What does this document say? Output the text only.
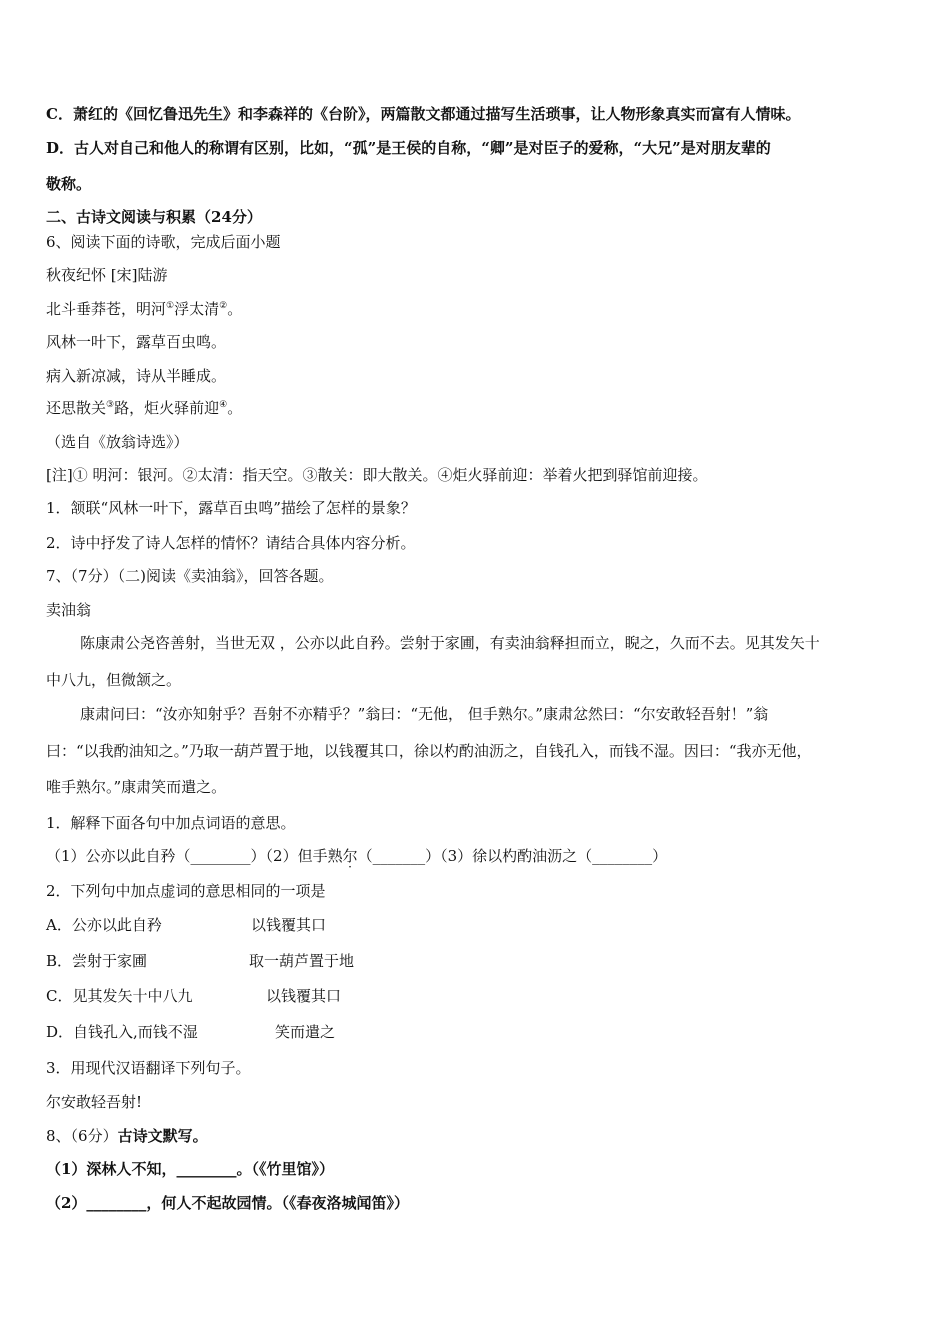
C．萧红的《回忆鲁迅先生》和李森祥的《台阶》，两篇散文都通过描写生活琐事，让人物形象真实而富有人情味。
D．古人对自己和他人的称谓有区别，比如，“孤”是王侯的自称，“卿”是对臣子的爱称，“大兄”是对朋友辈的
敬称。
二、古诗文阅读与积累（24分）
6、阅读下面的诗歌，完成后面小题
秋夜纪怀 [宋]陆游
北斗垂莽苍，明河①浮太清②。
风林一叶下，露草百虫鸣。
病入新凉减，诗从半睡成。
还思散关③路，炬火驿前迎④。
（选自《放翁诗选》）
[注]① 明河：银河。②太清：指天空。③散关：即大散关。④炬火驿前迎：举着火把到驿馆前迎接。
1．颔联“风林一叶下，露草百虫鸣”描绘了怎样的景象？
2．诗中抒发了诗人怎样的情怀？请结合具体内容分析。
7、（7分）（二)阅读《卖油翁》，回答各题。
卖油翁
陈康肃公尧咨善射，当世无双 ，公亦以此自矜。尝射于家圃，有卖油翁释担而立，睨之，久而不去。见其发矢十
中八九，但微颔之。
康肃问曰：“汝亦知射乎？吾射不亦精乎？”翁曰：“无他， 但手熟尔。”康肃忿然曰：“尔安敢轻吾射！”翁
曰：“以我酌油知之。”乃取一葫芦置于地，以钱覆其口，徐以杓酌油沥之，自钱孔入，而钱不湿。因曰：“我亦无他，
唯手熟尔。”康肃笑而遣之。
1．解释下面各句中加点词语的意思。
（1）公亦以此自矜（________）（2）但手熟尔（_______）（3）徐以杓酌油沥之（________）
2．下列句中加点虚词的意思相同的一项是
A．公亦以此自矜	以钱覆其口
B．尝射于家圃	取一葫芦置于地
C．见其发矢十中八九	以钱覆其口
D．自钱孔入,而钱不湿	笑而遣之
3．用现代汉语翻译下列句子。
尔安敢轻吾射!
8、（6分）古诗文默写。
（1）深林人不知，________。（《竹里馆》）
（2）________，何人不起故园情。（《春夜洛城闻笛》）
